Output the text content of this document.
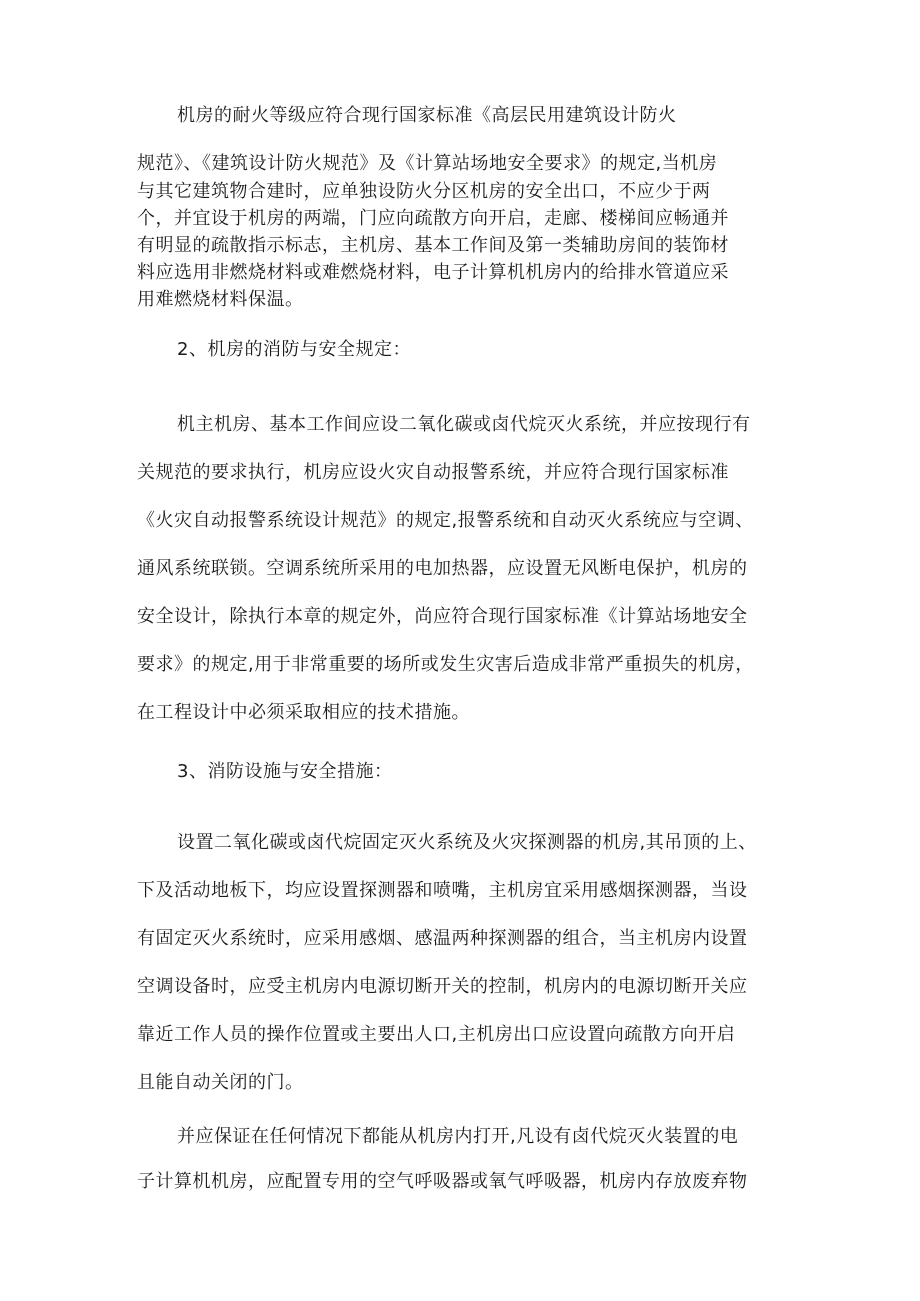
机房的耐火等级应符合现行国家标准《高层民用建筑设计防火

规范》、《建筑设计防火规范》及《计算站场地安全要求》的规定,当机房

与其它建筑物合建时，应单独设防火分区机房的安全出口，不应少于两

个，并宜设于机房的两端，门应向疏散方向开启，走廊、楼梯间应畅通并

有明显的疏散指示标志，主机房、基本工作间及第一类辅助房间的装饰材

料应选用非燃烧材料或难燃烧材料，电子计算机机房内的给排水管道应采

用难燃烧材料保温。

2、机房的消防与安全规定：

机主机房、基本工作间应设二氧化碳或卤代烷灭火系统，并应按现行有

关规范的要求执行，机房应设火灾自动报警系统，并应符合现行国家标准

《火灾自动报警系统设计规范》的规定,报警系统和自动灭火系统应与空调、

通风系统联锁。空调系统所采用的电加热器，应设置无风断电保护，机房的

安全设计，除执行本章的规定外，尚应符合现行国家标准《计算站场地安全

要求》的规定,用于非常重要的场所或发生灾害后造成非常严重损失的机房，

在工程设计中必须采取相应的技术措施。

3、消防设施与安全措施：

设置二氧化碳或卤代烷固定灭火系统及火灾探测器的机房,其吊顶的上、

下及活动地板下，均应设置探测器和喷嘴，主机房宜采用感烟探测器，当设

有固定灭火系统时，应采用感烟、感温两种探测器的组合，当主机房内设置

空调设备时，应受主机房内电源切断开关的控制，机房内的电源切断开关应

靠近工作人员的操作位置或主要出人口,主机房出口应设置向疏散方向开启

且能自动关闭的门。

并应保证在任何情况下都能从机房内打开,凡设有卤代烷灭火装置的电

子计算机机房，应配置专用的空气呼吸器或氧气呼吸器，机房内存放废弃物
